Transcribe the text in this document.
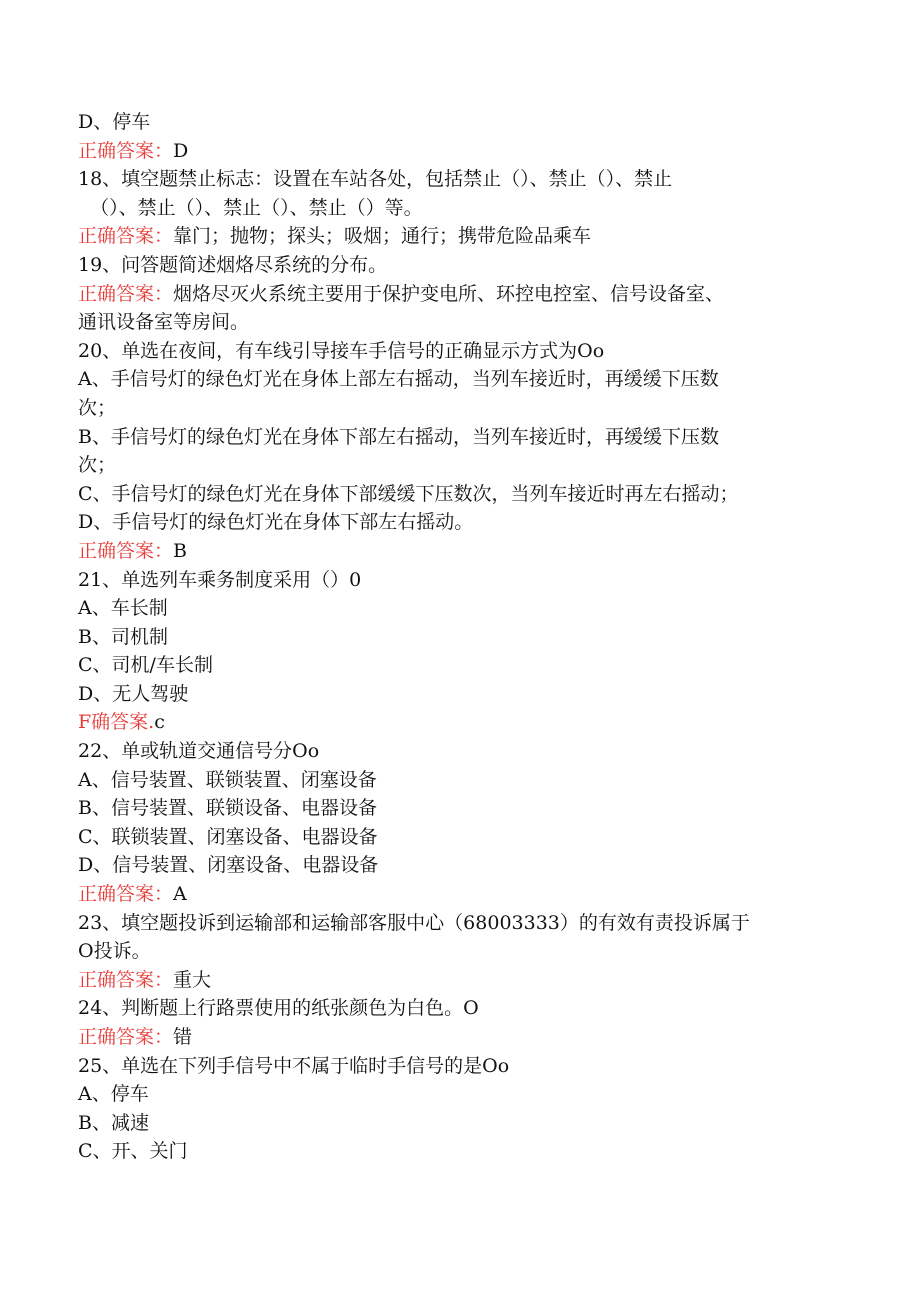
D、停车
正确答案：D
18、填空题禁止标志：设置在车站各处，包括禁止（）、禁止（）、禁止
（）、禁止（）、禁止（）、禁止（）等。
正确答案：靠门；抛物；探头；吸烟；通行；携带危险品乘车
19、问答题简述烟烙尽系统的分布。
正确答案：烟烙尽灭火系统主要用于保护变电所、环控电控室、信号设备室、
通讯设备室等房间。
20、单选在夜间，有车线引导接车手信号的正确显示方式为Oo
A、手信号灯的绿色灯光在身体上部左右摇动，当列车接近时，再缓缓下压数
次；
B、手信号灯的绿色灯光在身体下部左右摇动，当列车接近时，再缓缓下压数
次；
C、手信号灯的绿色灯光在身体下部缓缓下压数次，当列车接近时再左右摇动；
D、手信号灯的绿色灯光在身体下部左右摇动。
正确答案：B
21、单选列车乘务制度采用（）0
A、车长制
B、司机制
C、司机/车长制
D、无人驾驶
F确答案.c
22、单或轨道交通信号分Oo
A、信号装置、联锁装置、闭塞设备
B、信号装置、联锁设备、电器设备
C、联锁装置、闭塞设备、电器设备
D、信号装置、闭塞设备、电器设备
正确答案：A
23、填空题投诉到运输部和运输部客服中心（68003333）的有效有责投诉属于
O投诉。
正确答案：重大
24、判断题上行路票使用的纸张颜色为白色。O
正确答案：错
25、单选在下列手信号中不属于临时手信号的是Oo
A、停车
B、减速
C、开、关门
